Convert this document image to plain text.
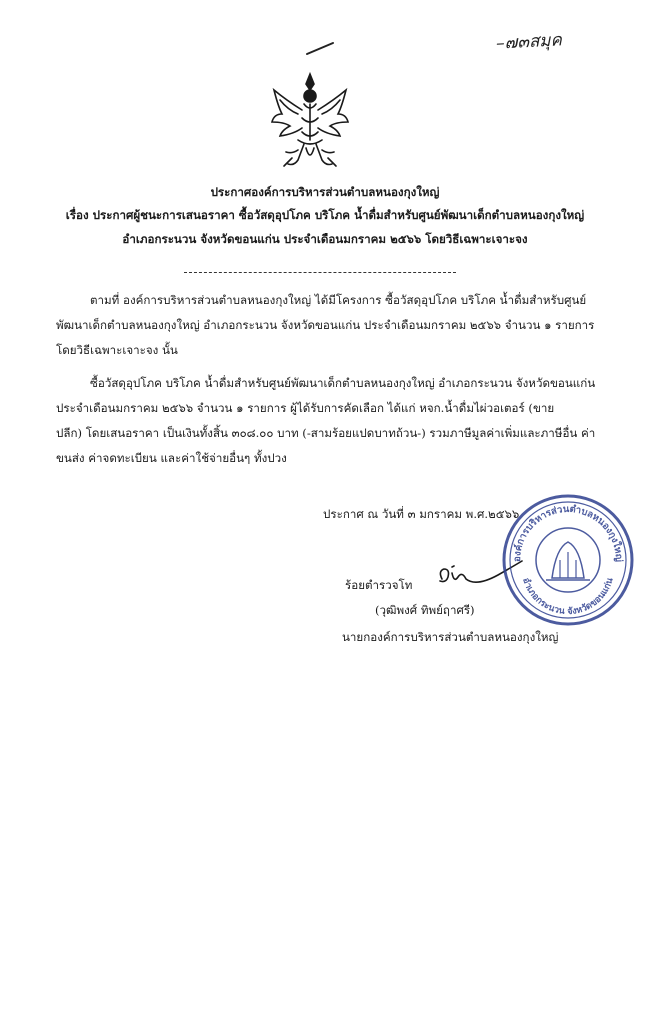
–๗๓สมุค
ประกาศองค์การบริหารส่วนตำบลหนองกุงใหญ่
เรื่อง ประกาศผู้ชนะการเสนอราคา ซื้อวัสดุอุปโภค บริโภค น้ำดื่มสำหรับศูนย์พัฒนาเด็กตำบลหนองกุงใหญ่
อำเภอกระนวน จังหวัดขอนแก่น ประจำเดือนมกราคม ๒๕๖๖ โดยวิธีเฉพาะเจาะจง
ตามที่ องค์การบริหารส่วนตำบลหนองกุงใหญ่ ได้มีโครงการ ซื้อวัสดุอุปโภค บริโภค น้ำดื่มสำหรับศูนย์
พัฒนาเด็กตำบลหนองกุงใหญ่ อำเภอกระนวน จังหวัดขอนแก่น ประจำเดือนมกราคม ๒๕๖๖ จำนวน ๑ รายการ
โดยวิธีเฉพาะเจาะจง นั้น
ซื้อวัสดุอุปโภค บริโภค น้ำดื่มสำหรับศูนย์พัฒนาเด็กตำบลหนองกุงใหญ่ อำเภอกระนวน จังหวัดขอนแก่น
ประจำเดือนมกราคม ๒๕๖๖ จำนวน ๑ รายการ ผู้ได้รับการคัดเลือก ได้แก่ หจก.น้ำดื่มไผ่วอเตอร์ (ขาย
ปลีก) โดยเสนอราคา เป็นเงินทั้งสิ้น ๓๐๘.๐๐ บาท (-สามร้อยแปดบาทถ้วน-) รวมภาษีมูลค่าเพิ่มและภาษีอื่น ค่า
ขนส่ง ค่าจดทะเบียน และค่าใช้จ่ายอื่นๆ ทั้งปวง
ประกาศ ณ วันที่ ๓ มกราคม พ.ศ.๒๕๖๖
ร้อยตำรวจโท
(วุฒิพงศ์ ทิพย์ฤาศรี)
นายกองค์การบริหารส่วนตำบลหนองกุงใหญ่
องค์การบริหารส่วนตำบลหนองกุงใหญ่
อำเภอกระนวน จังหวัดขอนแก่น
